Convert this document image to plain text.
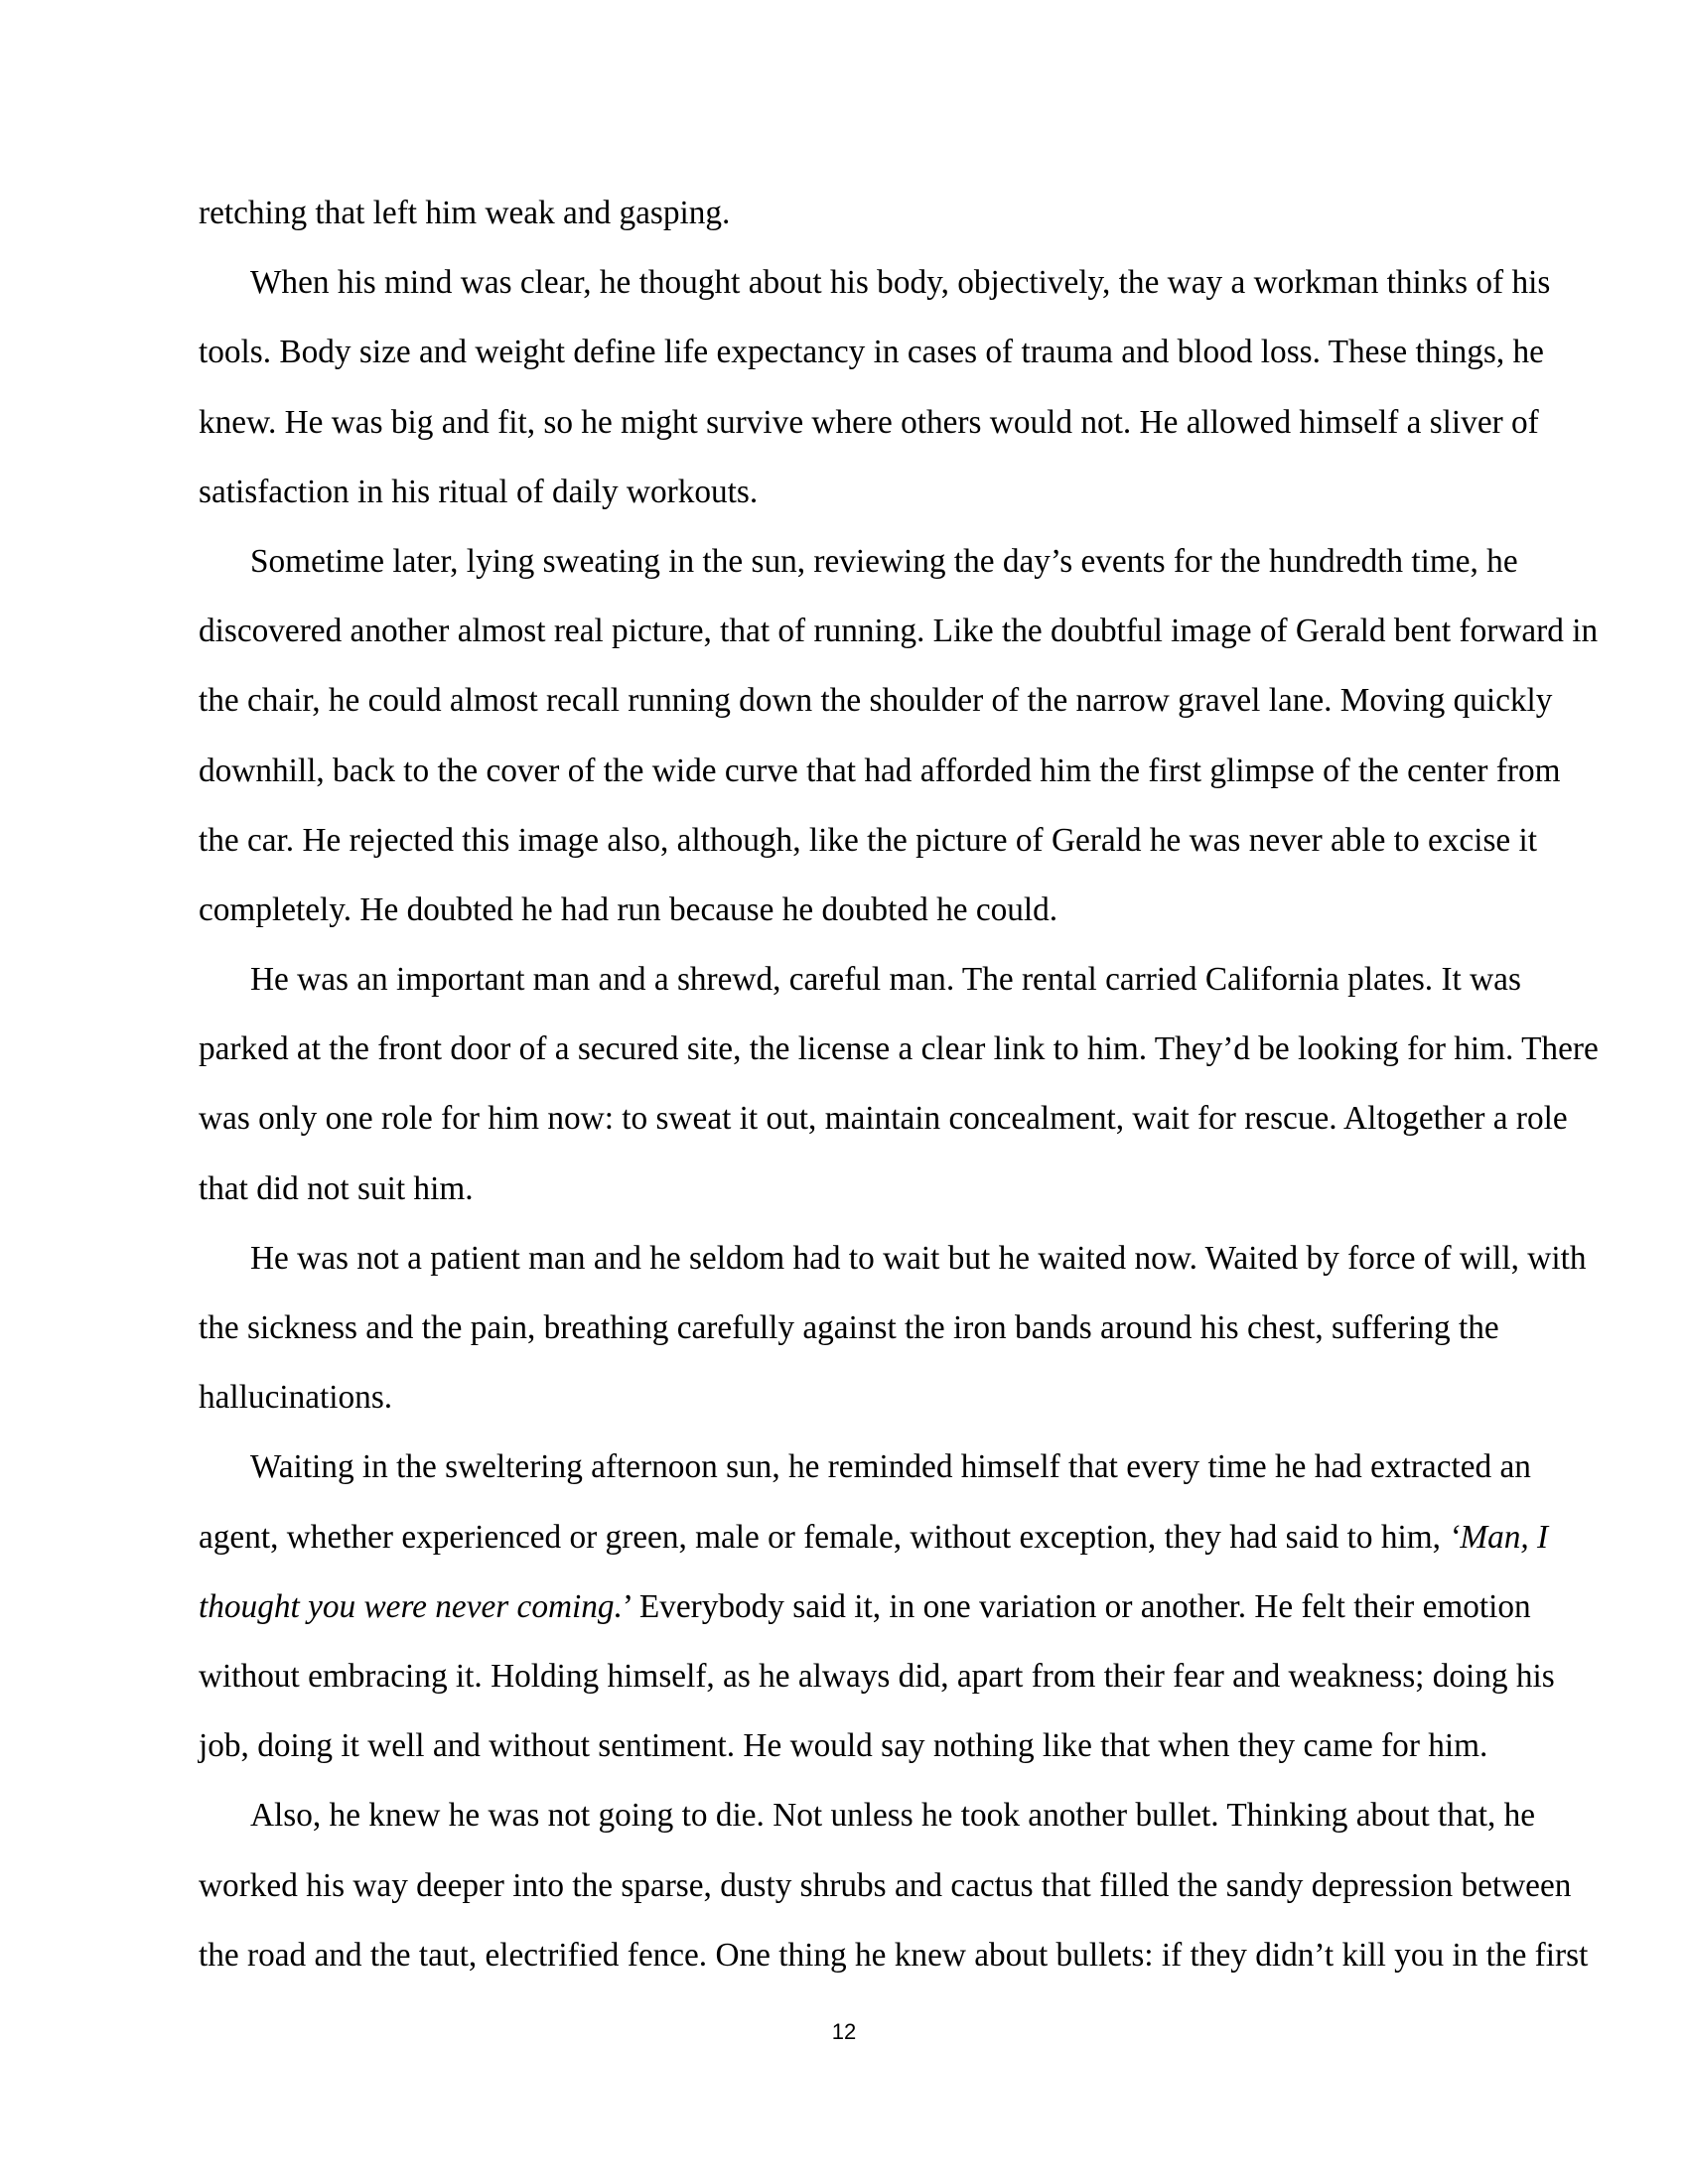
retching that left him weak and gasping.
When his mind was clear, he thought about his body, objectively, the way a workman thinks of his
tools. Body size and weight define life expectancy in cases of trauma and blood loss. These things, he
knew. He was big and fit, so he might survive where others would not. He allowed himself a sliver of
satisfaction in his ritual of daily workouts.
Sometime later, lying sweating in the sun, reviewing the day’s events for the hundredth time, he
discovered another almost real picture, that of running. Like the doubtful image of Gerald bent forward in
the chair, he could almost recall running down the shoulder of the narrow gravel lane. Moving quickly
downhill, back to the cover of the wide curve that had afforded him the first glimpse of the center from
the car. He rejected this image also, although, like the picture of Gerald he was never able to excise it
completely. He doubted he had run because he doubted he could.
He was an important man and a shrewd, careful man. The rental carried California plates. It was
parked at the front door of a secured site, the license a clear link to him. They’d be looking for him. There
was only one role for him now: to sweat it out, maintain concealment, wait for rescue. Altogether a role
that did not suit him.
He was not a patient man and he seldom had to wait but he waited now. Waited by force of will, with
the sickness and the pain, breathing carefully against the iron bands around his chest, suffering the
hallucinations.
Waiting in the sweltering afternoon sun, he reminded himself that every time he had extracted an
agent, whether experienced or green, male or female, without exception, they had said to him, ‘Man, I
thought you were never coming.’ Everybody said it, in one variation or another. He felt their emotion
without embracing it. Holding himself, as he always did, apart from their fear and weakness; doing his
job, doing it well and without sentiment. He would say nothing like that when they came for him.
Also, he knew he was not going to die. Not unless he took another bullet. Thinking about that, he
worked his way deeper into the sparse, dusty shrubs and cactus that filled the sandy depression between
the road and the taut, electrified fence. One thing he knew about bullets: if they didn’t kill you in the first
12
